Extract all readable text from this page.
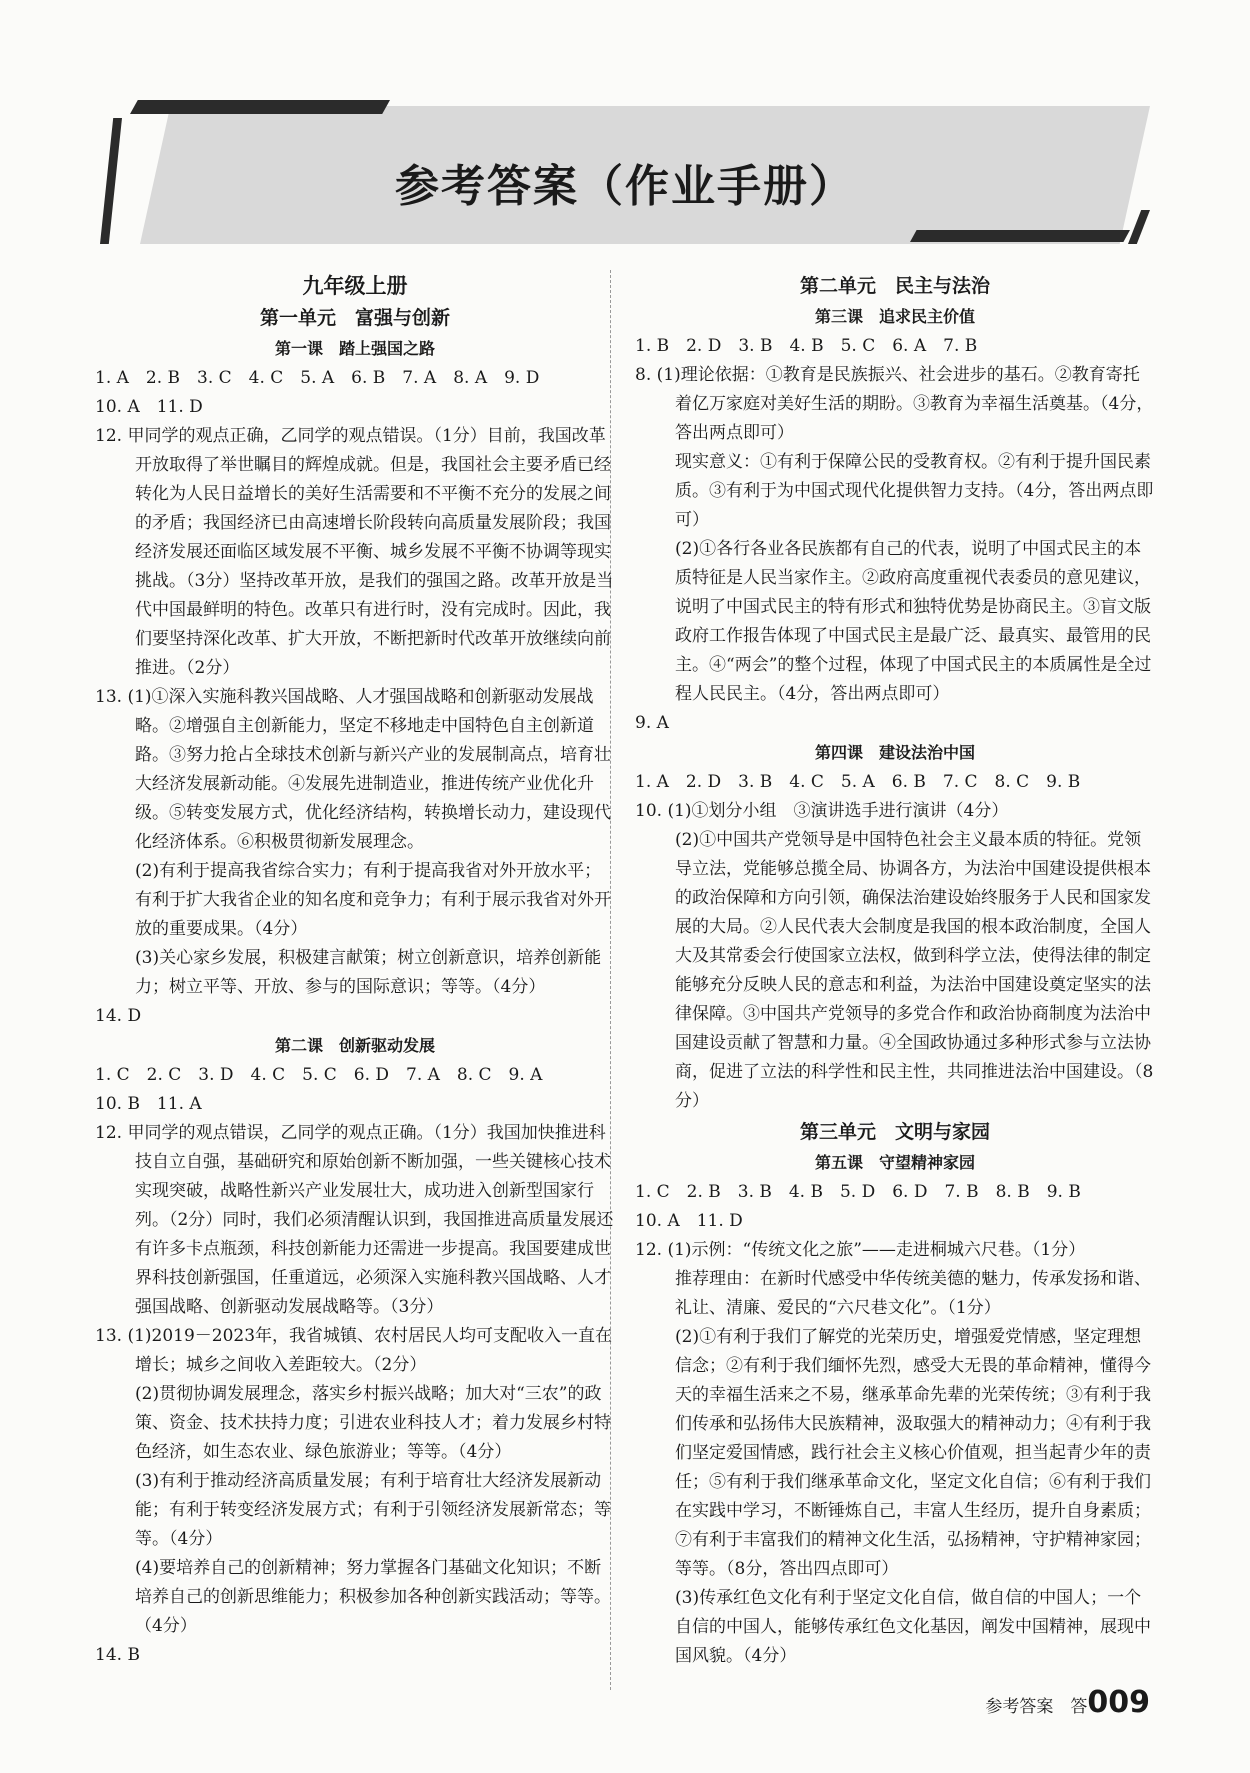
参考答案（作业手册）
九年级上册
第一单元　富强与创新
第一课　踏上强国之路
1. A　2. B　3. C　4. C　5. A　6. B　7. A　8. A　9. D
10. A　11. D
12. 甲同学的观点正确，乙同学的观点错误。（1分）目前，我国改革开放取得了举世瞩目的辉煌成就。但是，我国社会主要矛盾已经转化为人民日益增长的美好生活需要和不平衡不充分的发展之间的矛盾；我国经济已由高速增长阶段转向高质量发展阶段；我国经济发展还面临区域发展不平衡、城乡发展不平衡不协调等现实挑战。（3分）坚持改革开放，是我们的强国之路。改革开放是当代中国最鲜明的特色。改革只有进行时，没有完成时。因此，我们要坚持深化改革、扩大开放，不断把新时代改革开放继续向前推进。（2分）
13. (1)①深入实施科教兴国战略、人才强国战略和创新驱动发展战略。②增强自主创新能力，坚定不移地走中国特色自主创新道路。③努力抢占全球技术创新与新兴产业的发展制高点，培育壮大经济发展新动能。④发展先进制造业，推进传统产业优化升级。⑤转变发展方式，优化经济结构，转换增长动力，建设现代化经济体系。⑥积极贯彻新发展理念。
(2)有利于提高我省综合实力；有利于提高我省对外开放水平；有利于扩大我省企业的知名度和竞争力；有利于展示我省对外开放的重要成果。（4分）
(3)关心家乡发展，积极建言献策；树立创新意识，培养创新能力；树立平等、开放、参与的国际意识；等等。（4分）
14. D
第二课　创新驱动发展
1. C　2. C　3. D　4. C　5. C　6. D　7. A　8. C　9. A
10. B　11. A
12. 甲同学的观点错误，乙同学的观点正确。（1分）我国加快推进科技自立自强，基础研究和原始创新不断加强，一些关键核心技术实现突破，战略性新兴产业发展壮大，成功进入创新型国家行列。（2分）同时，我们必须清醒认识到，我国推进高质量发展还有许多卡点瓶颈，科技创新能力还需进一步提高。我国要建成世界科技创新强国，任重道远，必须深入实施科教兴国战略、人才强国战略、创新驱动发展战略等。（3分）
13. (1)2019－2023年，我省城镇、农村居民人均可支配收入一直在增长；城乡之间收入差距较大。（2分）
(2)贯彻协调发展理念，落实乡村振兴战略；加大对“三农”的政策、资金、技术扶持力度；引进农业科技人才；着力发展乡村特色经济，如生态农业、绿色旅游业；等等。（4分）
(3)有利于推动经济高质量发展；有利于培育壮大经济发展新动能；有利于转变经济发展方式；有利于引领经济发展新常态；等等。（4分）
(4)要培养自己的创新精神；努力掌握各门基础文化知识；不断培养自己的创新思维能力；积极参加各种创新实践活动；等等。（4分）
14. B
第二单元　民主与法治
第三课　追求民主价值
1. B　2. D　3. B　4. B　5. C　6. A　7. B
8. (1)理论依据：①教育是民族振兴、社会进步的基石。②教育寄托着亿万家庭对美好生活的期盼。③教育为幸福生活奠基。（4分，答出两点即可）
现实意义：①有利于保障公民的受教育权。②有利于提升国民素质。③有利于为中国式现代化提供智力支持。（4分，答出两点即可）
(2)①各行各业各民族都有自己的代表，说明了中国式民主的本质特征是人民当家作主。②政府高度重视代表委员的意见建议，说明了中国式民主的特有形式和独特优势是协商民主。③盲文版政府工作报告体现了中国式民主是最广泛、最真实、最管用的民主。④“两会”的整个过程，体现了中国式民主的本质属性是全过程人民民主。（4分，答出两点即可）
9. A
第四课　建设法治中国
1. A　2. D　3. B　4. C　5. A　6. B　7. C　8. C　9. B
10. (1)①划分小组　③演讲选手进行演讲（4分）
(2)①中国共产党领导是中国特色社会主义最本质的特征。党领导立法，党能够总揽全局、协调各方，为法治中国建设提供根本的政治保障和方向引领，确保法治建设始终服务于人民和国家发展的大局。②人民代表大会制度是我国的根本政治制度，全国人大及其常委会行使国家立法权，做到科学立法，使得法律的制定能够充分反映人民的意志和利益，为法治中国建设奠定坚实的法律保障。③中国共产党领导的多党合作和政治协商制度为法治中国建设贡献了智慧和力量。④全国政协通过多种形式参与立法协商，促进了立法的科学性和民主性，共同推进法治中国建设。（8分）
第三单元　文明与家园
第五课　守望精神家园
1. C　2. B　3. B　4. B　5. D　6. D　7. B　8. B　9. B
10. A　11. D
12. (1)示例：“传统文化之旅”——走进桐城六尺巷。（1分）
推荐理由：在新时代感受中华传统美德的魅力，传承发扬和谐、礼让、清廉、爱民的“六尺巷文化”。（1分）
(2)①有利于我们了解党的光荣历史，增强爱党情感，坚定理想信念；②有利于我们缅怀先烈，感受大无畏的革命精神，懂得今天的幸福生活来之不易，继承革命先辈的光荣传统；③有利于我们传承和弘扬伟大民族精神，汲取强大的精神动力；④有利于我们坚定爱国情感，践行社会主义核心价值观，担当起青少年的责任；⑤有利于我们继承革命文化，坚定文化自信；⑥有利于我们在实践中学习，不断锤炼自己，丰富人生经历，提升自身素质；⑦有利于丰富我们的精神文化生活，弘扬精神，守护精神家园；等等。（8分，答出四点即可）
(3)传承红色文化有利于坚定文化自信，做自信的中国人；一个自信的中国人，能够传承红色文化基因，阐发中国精神，展现中国风貌。（4分）
参考答案　答009
